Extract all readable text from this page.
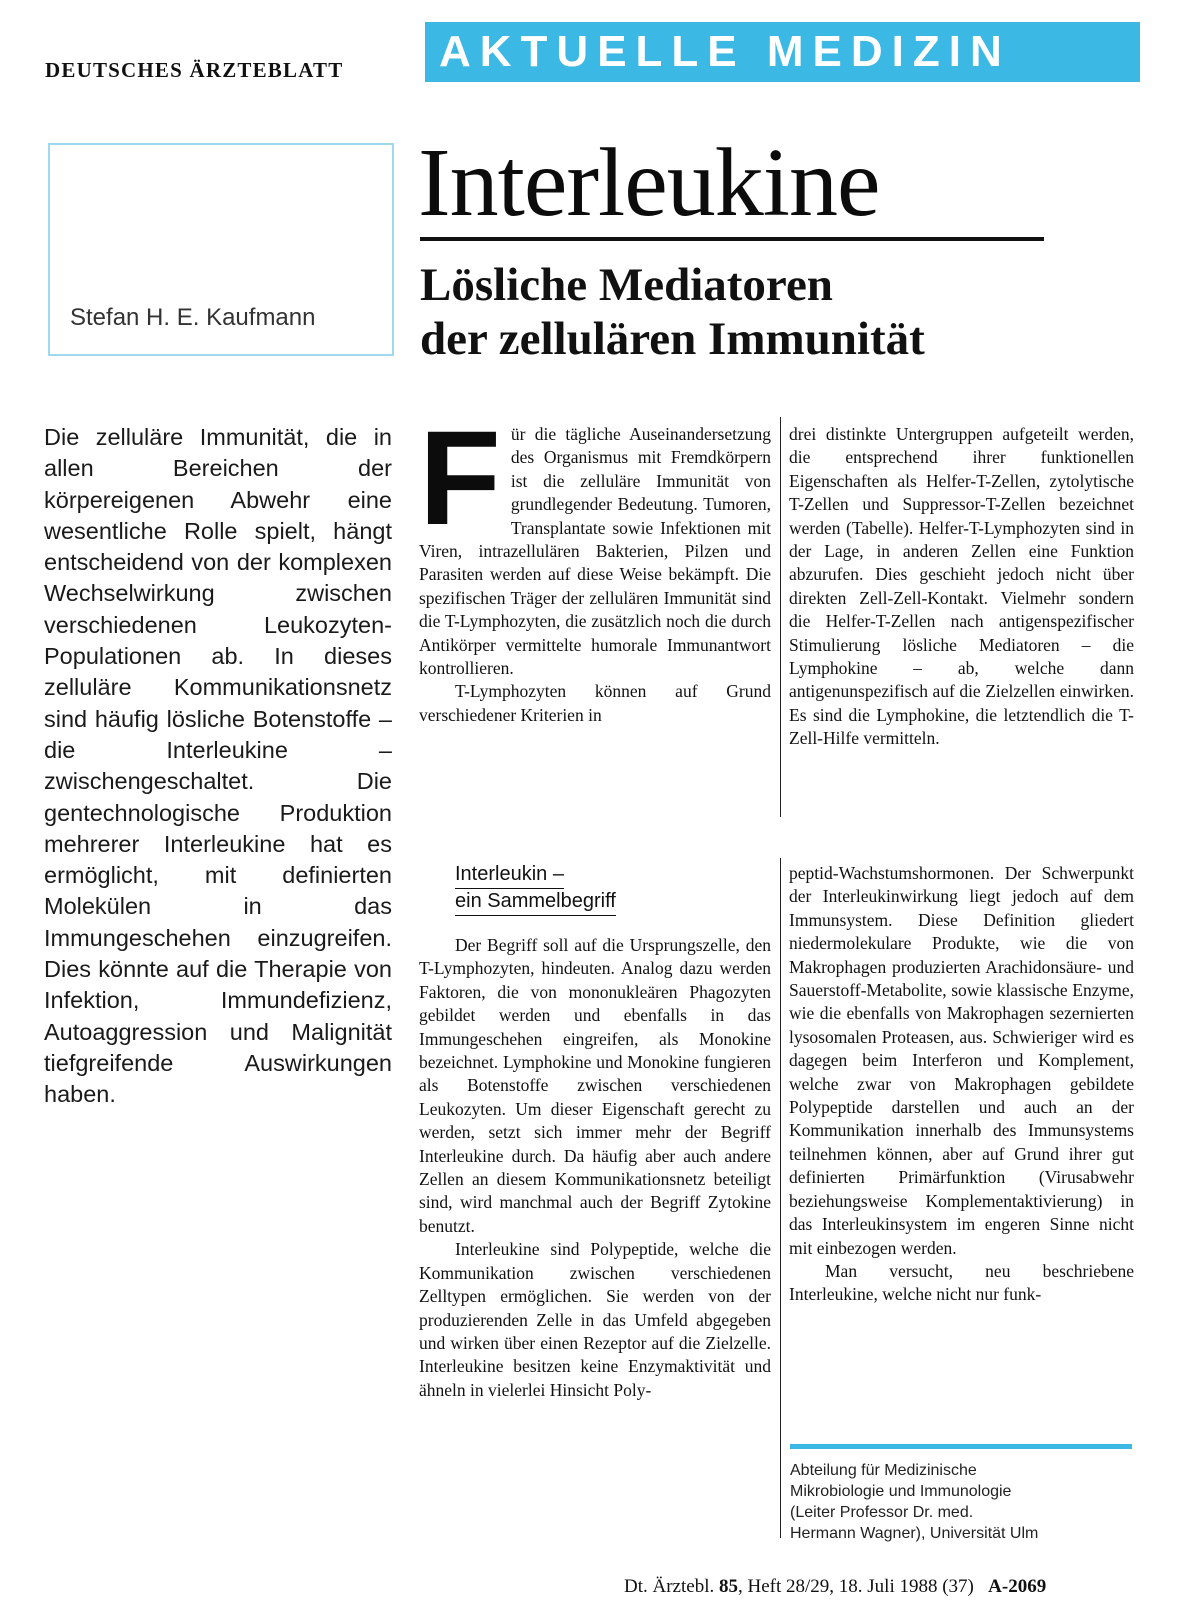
DEUTSCHES ÄRZTEBLATT	AKTUELLE MEDIZIN
Stefan H. E. Kaufmann
Interleukine
Lösliche Mediatoren
der zellulären Immunität
Die zelluläre Immunität, die in allen Bereichen der körpereigenen Abwehr eine wesentliche Rolle spielt, hängt entscheidend von der komplexen Wechselwirkung zwischen verschiedenen Leukozyten-Populationen ab. In dieses zelluläre Kommunikationsnetz sind häufig lösliche Botenstoffe – die Interleukine – zwischengeschaltet. Die gentechnologische Produktion mehrerer Interleukine hat es ermöglicht, mit definierten Molekülen in das Immungeschehen einzugreifen. Dies könnte auf die Therapie von Infektion, Immundefizienz, Autoaggression und Malignität tiefgreifende Auswirkungen haben.

Für die tägliche Auseinandersetzung des Organismus mit Fremdkörpern ist die zelluläre Immunität von grundlegender Bedeutung. Tumoren, Transplantate sowie Infektionen mit Viren, intrazellulären Bakterien, Pilzen und Parasiten werden auf diese Weise bekämpft. Die spezifischen Träger der zellulären Immunität sind die T-Lymphozyten, die zusätzlich noch die durch Antikörper vermittelte humorale Immunantwort kontrollieren.

T-Lymphozyten können auf Grund verschiedener Kriterien in

drei distinkte Untergruppen aufgeteilt werden, die entsprechend ihrer funktionellen Eigenschaften als Helfer-T-Zellen, zytolytische T-Zellen und Suppressor-T-Zellen bezeichnet werden (Tabelle). Helfer-T-Lymphozyten sind in der Lage, in anderen Zellen eine Funktion abzurufen. Dies geschieht jedoch nicht über direkten Zell-Zell-Kontakt. Vielmehr sondern die Helfer-T-Zellen nach antigenspezifischer Stimulierung lösliche Mediatoren – die Lymphokine – ab, welche dann antigenunspezifisch auf die Zielzellen einwirken. Es sind die Lymphokine, die letztendlich die T-Zell-Hilfe vermitteln.

Interleukin –
ein Sammelbegriff

Der Begriff soll auf die Ursprungszelle, den T-Lymphozyten, hindeuten. Analog dazu werden Faktoren, die von mononukleären Phagozyten gebildet werden und ebenfalls in das Immungeschehen eingreifen, als Monokine bezeichnet. Lymphokine und Monokine fungieren als Botenstoffe zwischen verschiedenen Leukozyten. Um dieser Eigenschaft gerecht zu werden, setzt sich immer mehr der Begriff Interleukine durch. Da häufig aber auch andere Zellen an diesem Kommunikationsnetz beteiligt sind, wird manchmal auch der Begriff Zytokine benutzt.

Interleukine sind Polypeptide, welche die Kommunikation zwischen verschiedenen Zelltypen ermöglichen. Sie werden von der produzierenden Zelle in das Umfeld abgegeben und wirken über einen Rezeptor auf die Zielzelle. Interleukine besitzen keine Enzymaktivität und ähneln in vielerlei Hinsicht Poly-

peptid-Wachstumshormonen. Der Schwerpunkt der Interleukinwirkung liegt jedoch auf dem Immunsystem. Diese Definition gliedert niedermolekulare Produkte, wie die von Makrophagen produzierten Arachidonsäure- und Sauerstoff-Metabolite, sowie klassische Enzyme, wie die ebenfalls von Makrophagen sezernierten lysosomalen Proteasen, aus. Schwieriger wird es dagegen beim Interferon und Komplement, welche zwar von Makrophagen gebildete Polypeptide darstellen und auch an der Kommunikation innerhalb des Immunsystems teilnehmen können, aber auf Grund ihrer gut definierten Primärfunktion (Virusabwehr beziehungsweise Komplementaktivierung) in das Interleukinsystem im engeren Sinne nicht mit einbezogen werden.

Man versucht, neu beschriebene Interleukine, welche nicht nur funk-

Abteilung für Medizinische
Mikrobiologie und Immunologie
(Leiter Professor Dr. med.
Hermann Wagner), Universität Ulm
Dt. Ärztebl. 85, Heft 28/29, 18. Juli 1988 (37) A-2069
